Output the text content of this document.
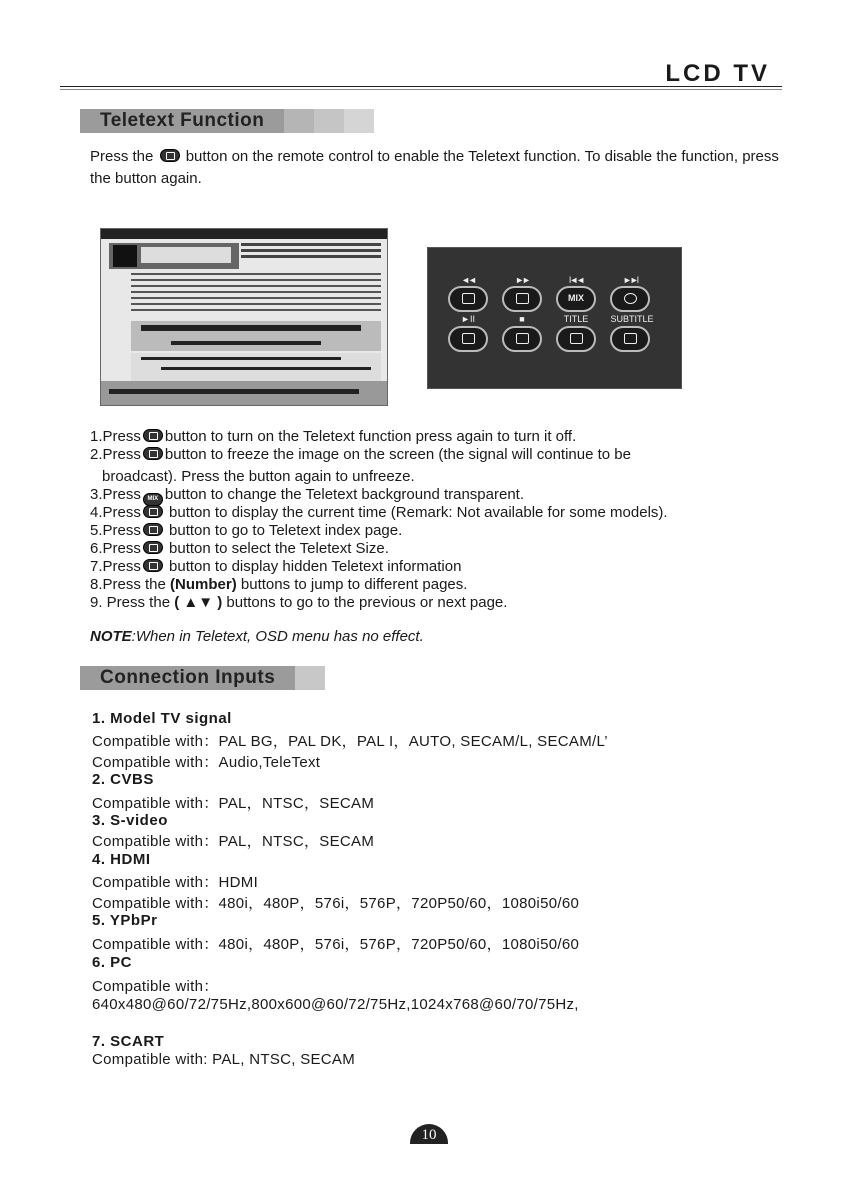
LCD TV
Teletext Function
Press the button on the remote control to enable the Teletext function. To disable the function, press the button again.
◄◄	►►	I◄◄	►►I
MIX
►II	■	TITLE	SUBTITLE
1.Press button to turn on the Teletext function press again to turn it off.
2.Press button to freeze the image on the screen (the signal will continue to be
broadcast). Press the button again to unfreeze.
3.Press MIX button to change the Teletext background transparent.
4.Press button to display the current time (Remark: Not available for some models).
5.Press button to go to Teletext index page.
6.Press button to select the Teletext Size.
7.Press button to display hidden Teletext information
8.Press the (Number) buttons to jump to different pages.
9. Press the ( ▲▼ ) buttons to go to the previous or next page.
NOTE:When in Teletext, OSD menu has no effect.
Connection Inputs
1. Model TV signal
Compatible with：PAL BG，PAL DK，PAL I，AUTO, SECAM/L, SECAM/L’
Compatible with：Audio,TeleText
2. CVBS
Compatible with：PAL，NTSC，SECAM
3. S-video
Compatible with：PAL，NTSC，SECAM
4. HDMI
Compatible with：HDMI
Compatible with：480i，480P，576i，576P，720P50/60，1080i50/60
5. YPbPr
Compatible with：480i，480P，576i，576P，720P50/60，1080i50/60
6. PC
Compatible with：
640x480@60/72/75Hz,800x600@60/72/75Hz,1024x768@60/70/75Hz,
7. SCART
Compatible with: PAL, NTSC, SECAM
10
